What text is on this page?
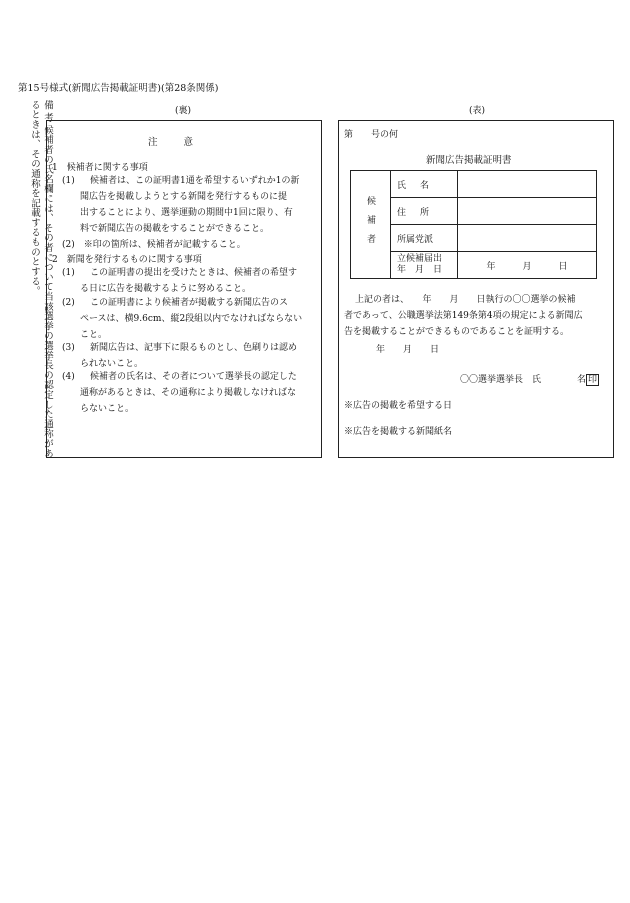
第15号様式(新聞広告掲載証明書)(第28条関係)
備考候補者の氏名欄には、その者について当該選挙の選挙長の認定した通称があるときは、その通称を記載するものとする。	(裏)
注意
1　候補者に関する事項
(1) 候補者は、この証明書1通を希望するいずれか1の新
聞広告を掲載しようとする新聞を発行するものに提
出することにより、選挙運動の期間中1回に限り、有
料で新聞広告の掲載をすることができること。
(2)　※印の箇所は、候補者が記載すること。
2　新聞を発行するものに関する事項
(1) この証明書の提出を受けたときは、候補者の希望す
る日に広告を掲載するように努めること。
(2) この証明書により候補者が掲載する新聞広告のス
ペースは、横9.6cm、縦2段組以内でなければならない
こと。
(3) 新聞広告は、記事下に限るものとし、色刷りは認め
られないこと。
(4) 候補者の氏名は、その者について選挙長の認定した
通称があるときは、その通称により掲載しなければな
らないこと。
(表)
第　　号の何
新聞広告掲載証明書
候補者	氏名	
	住所	
	所属党派	

	立候補届出
年　月　日	年　　　月　　　日
上記の者は、　　年　　月　　日執行の〇〇選挙の候補
者であって、公職選挙法第149条第4項の規定による新聞広
告を掲載することができるものであることを証明する。
年　　月　　日
〇〇選挙選挙長　氏　　　　名 印
※広告の掲載を希望する日
※広告を掲載する新聞紙名
